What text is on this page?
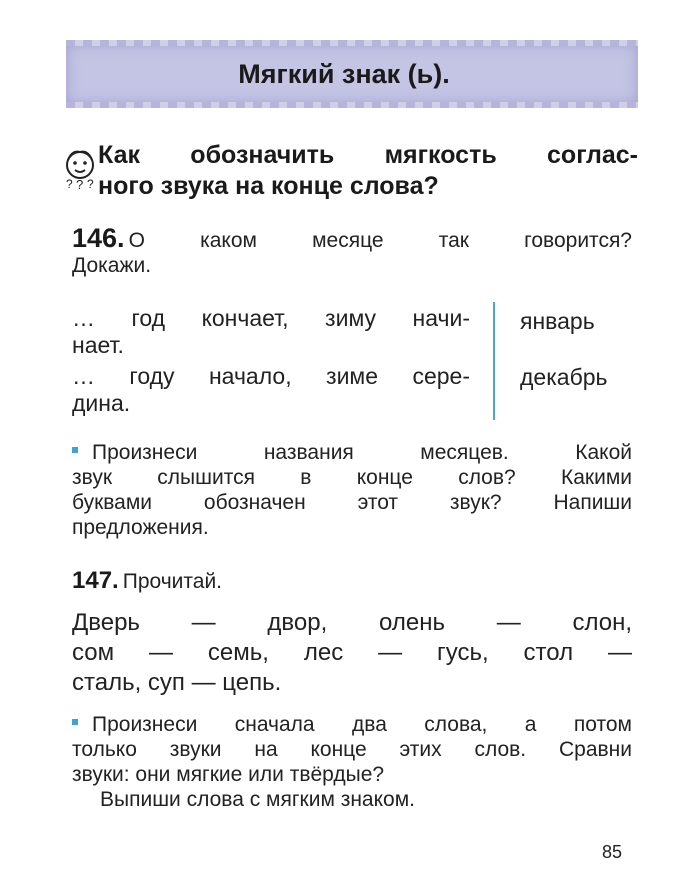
Мягкий знак (ь).
? ? ?
Как обозначить мягкость соглас-
ного звука на конце слова?
146. О каком месяце так говорится?
Докажи.
… год кончает, зиму начи-
нает.
… году начало, зиме сере-
дина.
январь
декабрь
Произнеси названия месяцев. Какой
звук слышится в конце слов? Какими
буквами обозначен этот звук? Напиши
предложения.
147. Прочитай.
Дверь — двор, олень — слон,
сом — семь, лес — гусь, стол —
сталь, суп — цепь.
Произнеси сначала два слова, а потом
только звуки на конце этих слов. Сравни
звуки: они мягкие или твёрдые?
Выпиши слова с мягким знаком.
85
